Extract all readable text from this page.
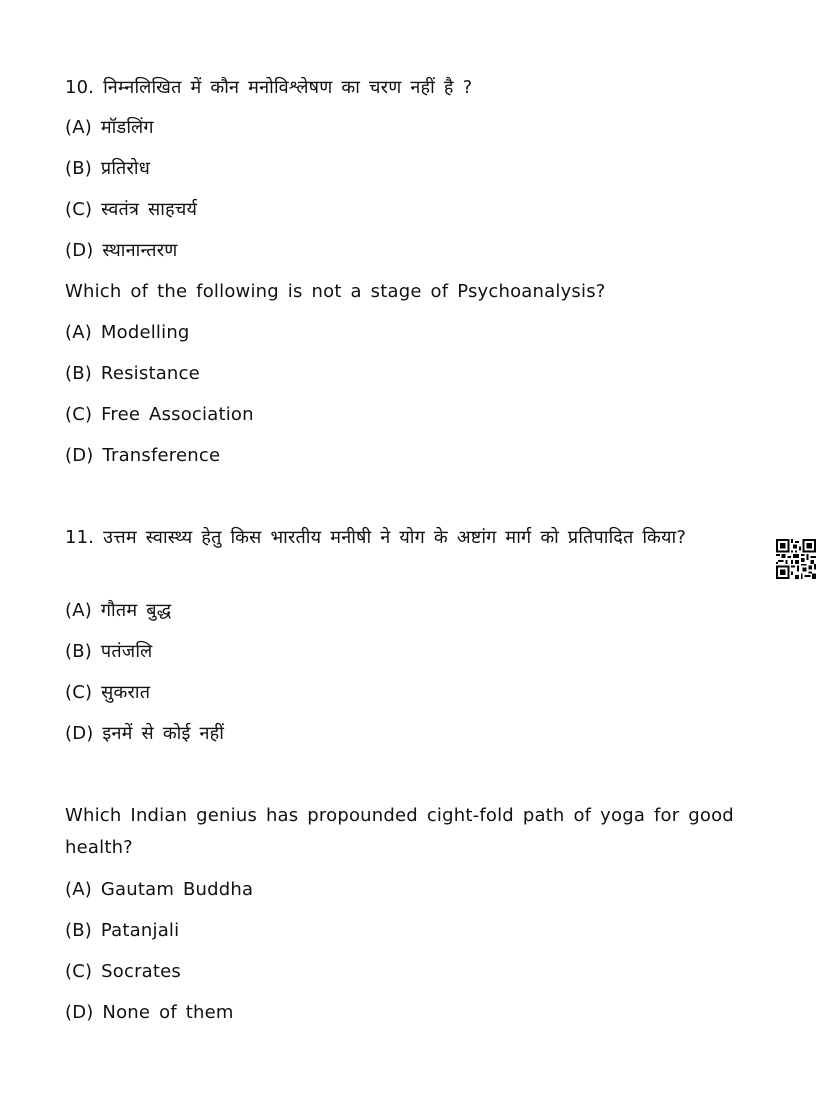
10. निम्नलिखित में कौन मनोविश्लेषण का चरण नहीं है ?
(A) मॉडलिंग
(B) प्रतिरोध
(C) स्वतंत्र साहचर्य
(D) स्थानान्तरण
Which of the following is not a stage of Psychoanalysis?
(A) Modelling
(B) Resistance
(C) Free Association
(D) Transference
11. उत्तम स्वास्थ्य हेतु किस भारतीय मनीषी ने योग के अष्टांग मार्ग को प्रतिपादित किया?
(A) गौतम बुद्ध
(B) पतंजलि
(C) सुकरात
(D) इनमें से कोई नहीं
Which Indian genius has propounded cight-fold path of yoga for good health?
(A) Gautam Buddha
(B) Patanjali
(C) Socrates
(D) None of them
